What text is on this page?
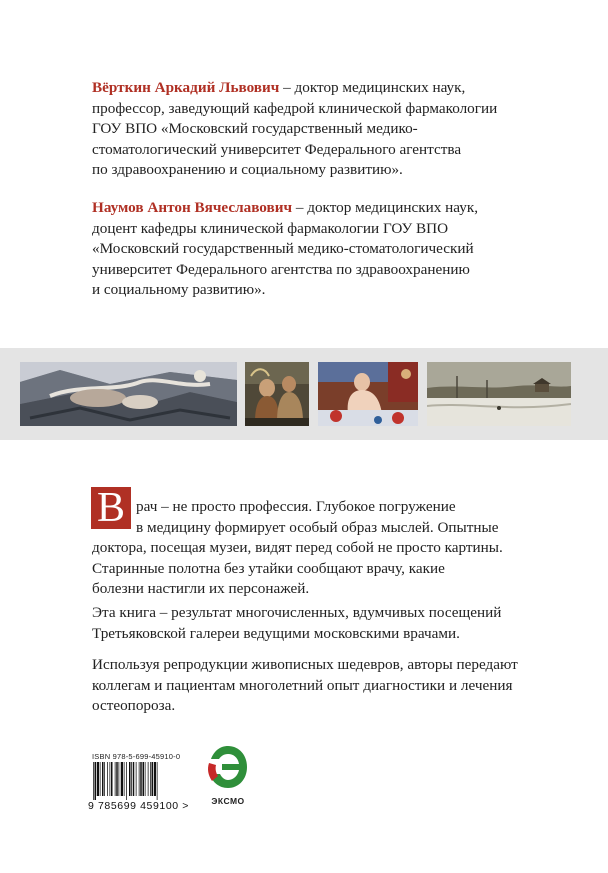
Вёрткин Аркадий Львович – доктор медицинских наук,
профессор, заведующий кафедрой клинической фармакологии
ГОУ ВПО «Московский государственный медико-
стоматологический университет Федерального агентства
по здравоохранению и социальному развитию».
Наумов Антон Вячеславович – доктор медицинских наук,
доцент кафедры клинической фармакологии ГОУ ВПО
«Московский государственный медико-стоматологический
университет Федерального агентства по здравоохранению
и социальному развитию».
В рач – не просто профессия. Глубокое погружение
в медицину формирует особый образ мыслей. Опытные
доктора, посещая музеи, видят перед собой не просто картины.
Старинные полотна без утайки сообщают врачу, какие
болезни настигли их персонажей.
Эта книга – результат многочисленных, вдумчивых посещений
Третьяковской галереи ведущими московскими врачами.
Используя репродукции живописных шедевров, авторы передают
коллегам и пациентам многолетний опыт диагностики и лечения
остеопороза.
ISBN 978-5-699-45910-0
9 785699 459100 >	ЭКСМО
